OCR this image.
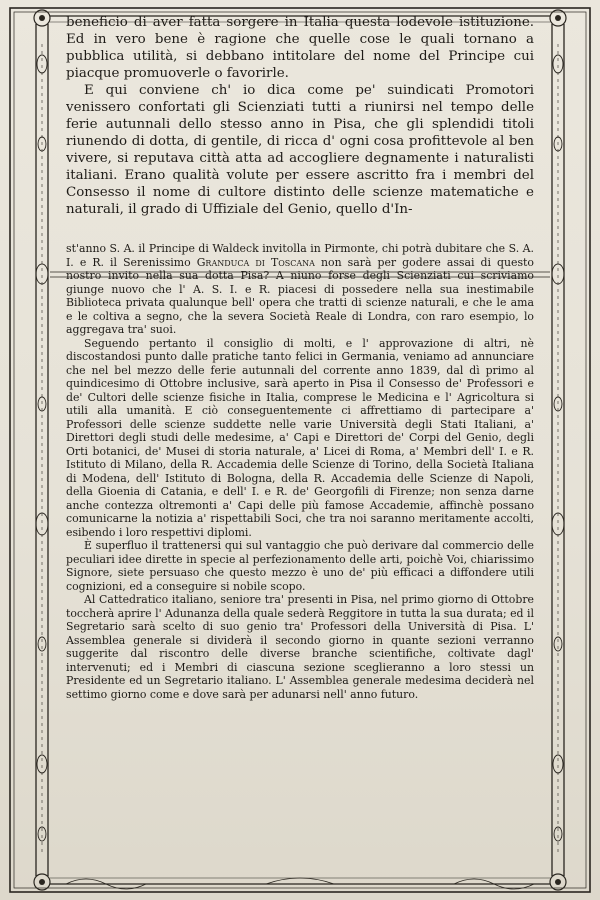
beneficio di aver fatta sorgere in Italia questa lodevole istituzione. Ed in vero bene è ragione che quelle cose le quali tornano a pubblica utilità, si debbano intitolare del nome del Principe cui piacque promuoverle o favorirle.

E qui conviene ch' io dica come pe' suindicati Promotori venissero confortati gli Scienziati tutti a riunirsi nel tempo delle ferie autunnali dello stesso anno in Pisa, che gli splendidi titoli riunendo di dotta, di gentile, di ricca d' ogni cosa profittevole al ben vivere, si reputava città atta ad accogliere degnamente i naturalisti italiani. Erano qualità volute per essere ascritto fra i membri del Consesso il nome di cultore distinto delle scienze matematiche e naturali, il grado di Uffiziale del Genio, quello d'In-

st'anno S. A. il Principe di Waldeck invitolla in Pirmonte, chi potrà dubitare che S. A. I. e R. il Serenissimo Granduca di Toscana non sarà per godere assai di questo nostro invito nella sua dotta Pisa? A niuno forse degli Scienziati cui scriviamo giunge nuovo che l' A. S. I. e R. piacesi di possedere nella sua inestimabile Biblioteca privata qualunque bell' opera che tratti di scienze naturali, e che le ama e le coltiva a segno, che la severa Società Reale di Londra, con raro esempio, lo aggregava tra' suoi.

Seguendo pertanto il consiglio di molti, e l' approvazione di altri, nè discostandosi punto dalle pratiche tanto felici in Germania, veniamo ad annunciare che nel bel mezzo delle ferie autunnali del corrente anno 1839, dal dì primo al quindicesimo di Ottobre inclusive, sarà aperto in Pisa il Consesso de' Professori e de' Cultori delle scienze fisiche in Italia, comprese le Medicina e l' Agricoltura si utili alla umanità. E ciò conseguentemente ci affrettiamo di partecipare a' Professori delle scienze suddette nelle varie Università degli Stati Italiani, a' Direttori degli studi delle medesime, a' Capi e Direttori de' Corpi del Genio, degli Orti botanici, de' Musei di storia naturale, a' Licei di Roma, a' Membri dell' I. e R. Istituto di Milano, della R. Accademia delle Scienze di Torino, della Società Italiana di Modena, dell' Istituto di Bologna, della R. Accademia delle Scienze di Napoli, della Gioenia di Catania, e dell' I. e R. de' Georgofili di Firenze; non senza darne anche contezza oltremonti a' Capi delle più famose Accademie, affinchè possano comunicarne la notizia a' rispettabili Soci, che tra noi saranno meritamente accolti, esibendo i loro respettivi diplomi.

È superfluo il trattenersi qui sul vantaggio che può derivare dal commercio delle peculiari idee dirette in specie al perfezionamento delle arti, poichè Voi, chiarissimo Signore, siete persuaso che questo mezzo è uno de' più efficaci a diffondere utili cognizioni, ed a conseguire si nobile scopo.

Al Cattedratico italiano, seniore tra' presenti in Pisa, nel primo giorno di Ottobre toccherà aprire l' Adunanza della quale sederà Reggitore in tutta la sua durata; ed il Segretario sarà scelto di suo genio tra' Professori della Università di Pisa. L' Assemblea generale si dividerà il secondo giorno in quante sezioni verranno suggerite dal riscontro delle diverse branche scientifiche, coltivate dagl' intervenuti; ed i Membri di ciascuna sezione sceglieranno a loro stessi un Presidente ed un Segretario italiano. L' Assemblea generale medesima deciderà nel settimo giorno come e dove sarà per adunarsi nell' anno futuro.
